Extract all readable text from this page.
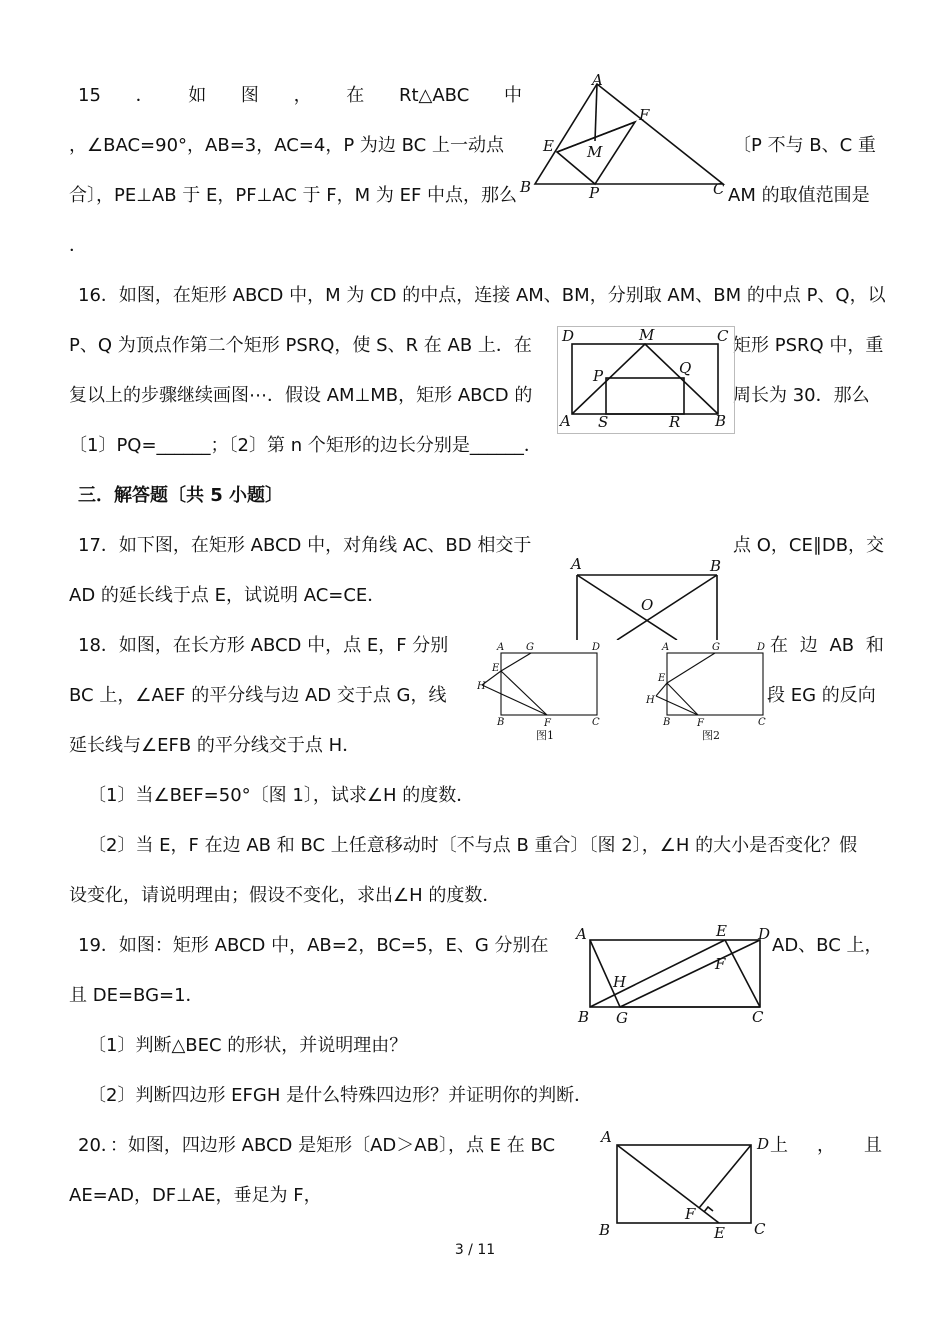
15 ． 如 图 ， 在 Rt△ABC 中
，∠BAC=90°，AB=3，AC=4，P 为边 BC 上一动点	〔P 不与 B、C 重
合〕，PE⊥AB 于 E，PF⊥AC 于 F，M 为 EF 中点，那么	AM 的取值范围是
．
A
B	C
E
F
M
P
16．如图，在矩形 ABCD 中，M 为 CD 的中点，连接 AM、BM，分别取 AM、BM 的中点 P、Q，以
P、Q 为顶点作第二个矩形 PSRQ，使 S、R 在 AB 上．在	矩形 PSRQ 中，重
复以上的步骤继续画图⋯．假设 AM⊥MB，矩形 ABCD 的	周长为 30．那么
〔1〕PQ=______；〔2〕第 n 个矩形的边长分别是______．
D	M	C
P	Q
A S	R B
三．解答题〔共 5 小题〕
17．如下图，在矩形 ABCD 中，对角线 AC、BD 相交于	点 O，CE∥DB，交
AD 的延长线于点 E，试说明 AC=CE．
A	B
O
18．如图，在长方形 ABCD 中，点 E，F 分别	在 边 AB 和
BC 上，∠AEF 的平分线与边 AD 交于点 G，线	段 EG 的反向
延长线与∠EFB 的平分线交于点 H．
〔1〕当∠BEF=50°〔图 1〕，试求∠H 的度数．
〔2〕当 E，F 在边 AB 和 BC 上任意移动时〔不与点 B 重合〕〔图 2〕，∠H 的大小是否变化？假
设变化，请说明理由；假设不变化，求出∠H 的度数．
A G	D
E
H
B	F	C
图1
A	G	D
E
H
B	F	C
图2
19．如图：矩形 ABCD 中，AB=2，BC=5，E、G 分别在	AD、BC 上，
且 DE=BG=1．
〔1〕判断△BEC 的形状，并说明理由？
〔2〕判断四边形 EFGH 是什么特殊四边形？并证明你的判断．
A	E D
F
H
B G	C
20．：如图，四边形 ABCD 是矩形〔AD＞AB〕，点 E 在 BC	上 ， 且
AE=AD，DF⊥AE，垂足为 F，
A	D
F
B	E C
3 / 11
